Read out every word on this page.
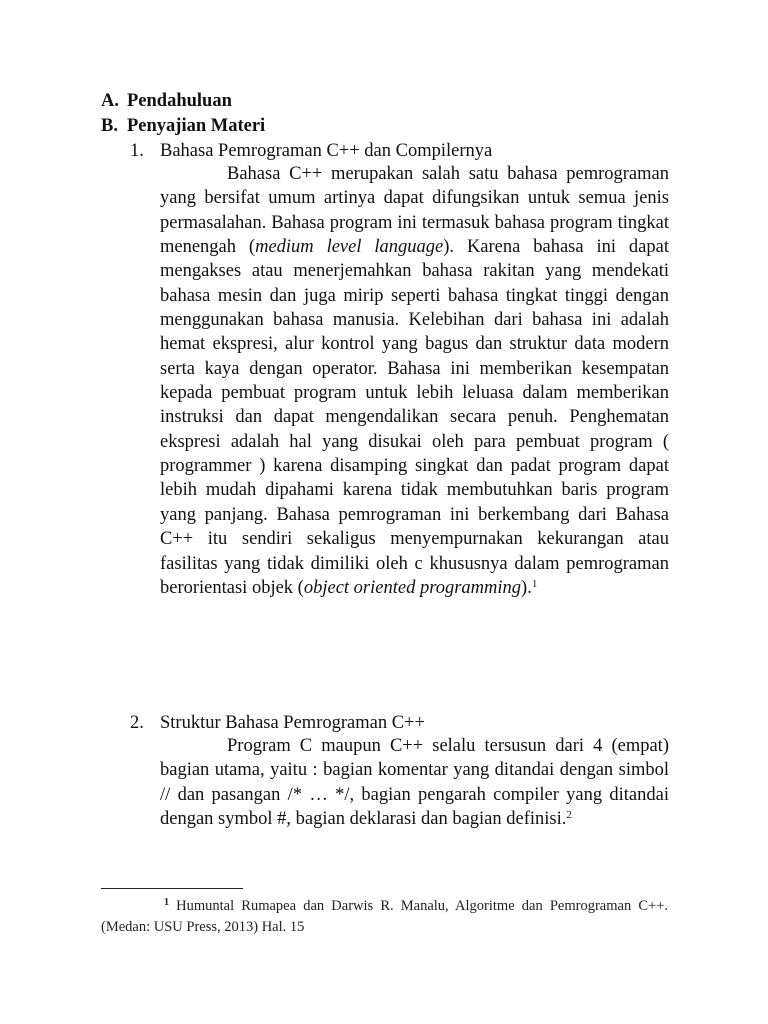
A. Pendahuluan
B. Penyajian Materi
1. Bahasa Pemrograman C++ dan Compilernya

Bahasa C++ merupakan salah satu bahasa pemrograman yang bersifat umum artinya dapat difungsikan untuk semua jenis permasalahan. Bahasa program ini termasuk bahasa program tingkat menengah (medium level language). Karena bahasa ini dapat mengakses atau menerjemahkan bahasa rakitan yang mendekati bahasa mesin dan juga mirip seperti bahasa tingkat tinggi dengan menggunakan bahasa manusia. Kelebihan dari bahasa ini adalah hemat ekspresi, alur kontrol yang bagus dan struktur data modern serta kaya dengan operator. Bahasa ini memberikan kesempatan kepada pembuat program untuk lebih leluasa dalam memberikan instruksi dan dapat mengendalikan secara penuh. Penghematan ekspresi adalah hal yang disukai oleh para pembuat program ( programmer ) karena disamping singkat dan padat program dapat lebih mudah dipahami karena tidak membutuhkan baris program yang panjang. Bahasa pemrograman ini berkembang dari Bahasa C++ itu sendiri sekaligus menyempurnakan kekurangan atau fasilitas yang tidak dimiliki oleh c khususnya dalam pemrograman berorientasi objek (object oriented programming).$^1$

2. Struktur Bahasa Pemrograman C++

Program C maupun C++ selalu tersusun dari 4 (empat) bagian utama, yaitu : bagian komentar yang ditandai dengan simbol // dan pasangan /* … */, bagian pengarah compiler yang ditandai dengan symbol #, bagian deklarasi dan bagian definisi.$^2$

$^1$ Humuntal Rumapea dan Darwis R. Manalu, Algoritme dan Pemrograman C++. (Medan: USU Press, 2013) Hal. 15
